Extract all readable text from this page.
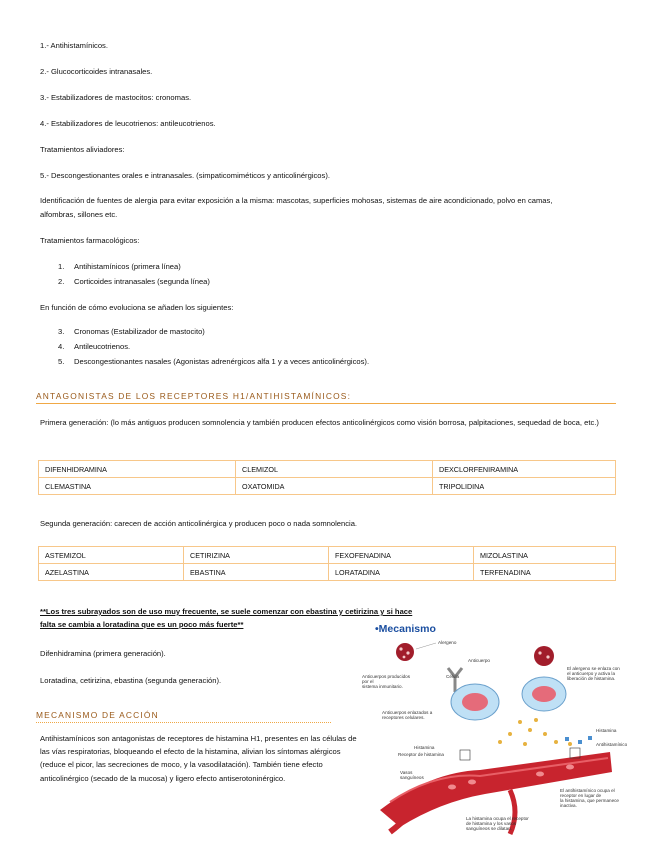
1.- Antihistamínicos.
2.- Glucocorticoides intranasales.
3.- Estabilizadores de mastocitos: cronomas.
4.- Estabilizadores de leucotrienos: antileucotrienos.
Tratamientos aliviadores:
5.- Descongestionantes orales e intranasales. (simpaticomiméticos y anticolinérgicos).
Identificación de fuentes de alergia para evitar exposición a la misma: mascotas, superficies mohosas, sistemas de aire acondicionado, polvo en camas, alfombras, sillones etc.
Tratamientos farmacológicos:
1. Antihistamínicos (primera línea)
2. Corticoides intranasales (segunda línea)
En función de cómo evoluciona se añaden los siguientes:
3. Cronomas (Estabilizador de mastocito)
4. Antileucotrienos.
5. Descongestionantes nasales (Agonistas adrenérgicos alfa 1 y a veces anticolinérgicos).
ANTAGONISTAS DE LOS RECEPTORES H1/ANTIHISTAMÍNICOS:
Primera generación: (lo más antiguos producen somnolencia y también producen efectos anticolinérgicos como visión borrosa, palpitaciones, sequedad de boca, etc.)
DIFENHIDRAMINA	CLEMIZOL	DEXCLORFENIRAMINA
CLEMASTINA	OXATOMIDA	TRIPOLIDINA
Segunda generación: carecen de acción anticolinérgica y producen poco o nada somnolencia.
ASTEMIZOL	CETIRIZINA	FEXOFENADINA	MIZOLASTINA
AZELASTINA	EBASTINA	LORATADINA	TERFENADINA
**Los tres subrayados son de uso muy frecuente, se suele comenzar con ebastina y cetirizina y si hace falta se cambia a loratadina que es un poco más fuerte**
Difenhidramina (primera generación).
Loratadina, cetirizina, ebastina (segunda generación).
MECANISMO DE ACCIÓN
Antihistamínicos son antagonistas de receptores de histamina H1, presentes en las células de las vías respiratorias, bloqueando el efecto de la histamina, alivian los síntomas alérgicos (reduce el picor, las secreciones de moco, y la vasodilatación). También tiene efecto anticolinérgico (secado de la mucosa) y ligero efecto antiserotoninérgico.
•Mecanismo
Alergeno
Anticuerpo
Célula
Anticuerpos producidos por el sistema inmunitario.
Anticuerpos enlazados a receptores celulares.
El alergeno se enlaza con el anticuerpo y activa la liberación de histamina.
Histamina
Antihistamínico
Histamina
Receptor de histamina
Vasos sanguíneos
La histamina ocupa el receptor de histamina y los vasos sanguíneos se dilatan.
El antihistamínico ocupa el receptor en lugar de la histamina, que permanece inactiva.
